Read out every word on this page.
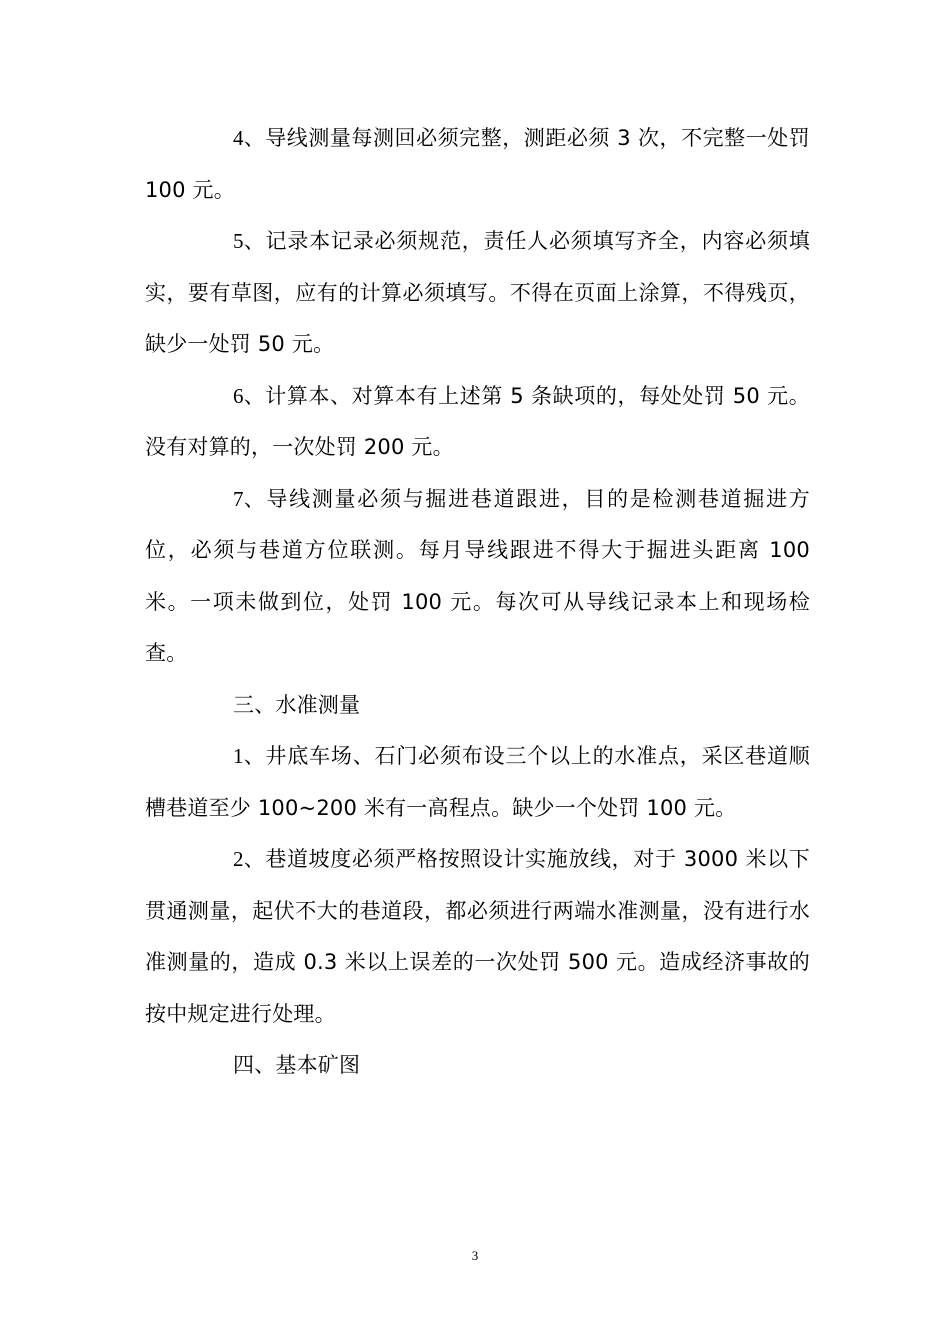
4、导线测量每测回必须完整，测距必须 3 次，不完整一处罚 100 元。

5、记录本记录必须规范，责任人必须填写齐全，内容必须填实，要有草图，应有的计算必须填写。不得在页面上涂算，不得残页，缺少一处罚 50 元。

6、计算本、对算本有上述第 5 条缺项的，每处处罚 50 元。没有对算的，一次处罚 200 元。

7、导线测量必须与掘进巷道跟进，目的是检测巷道掘进方位，必须与巷道方位联测。每月导线跟进不得大于掘进头距离 100 米。一项未做到位，处罚 100 元。每次可从导线记录本上和现场检查。

三、水准测量

1、井底车场、石门必须布设三个以上的水准点，采区巷道顺槽巷道至少 100~200 米有一高程点。缺少一个处罚 100 元。

2、巷道坡度必须严格按照设计实施放线，对于 3000 米以下贯通测量，起伏不大的巷道段，都必须进行两端水准测量，没有进行水准测量的，造成 0.3 米以上误差的一次处罚 500 元。造成经济事故的按中规定进行处理。

四、基本矿图

3
